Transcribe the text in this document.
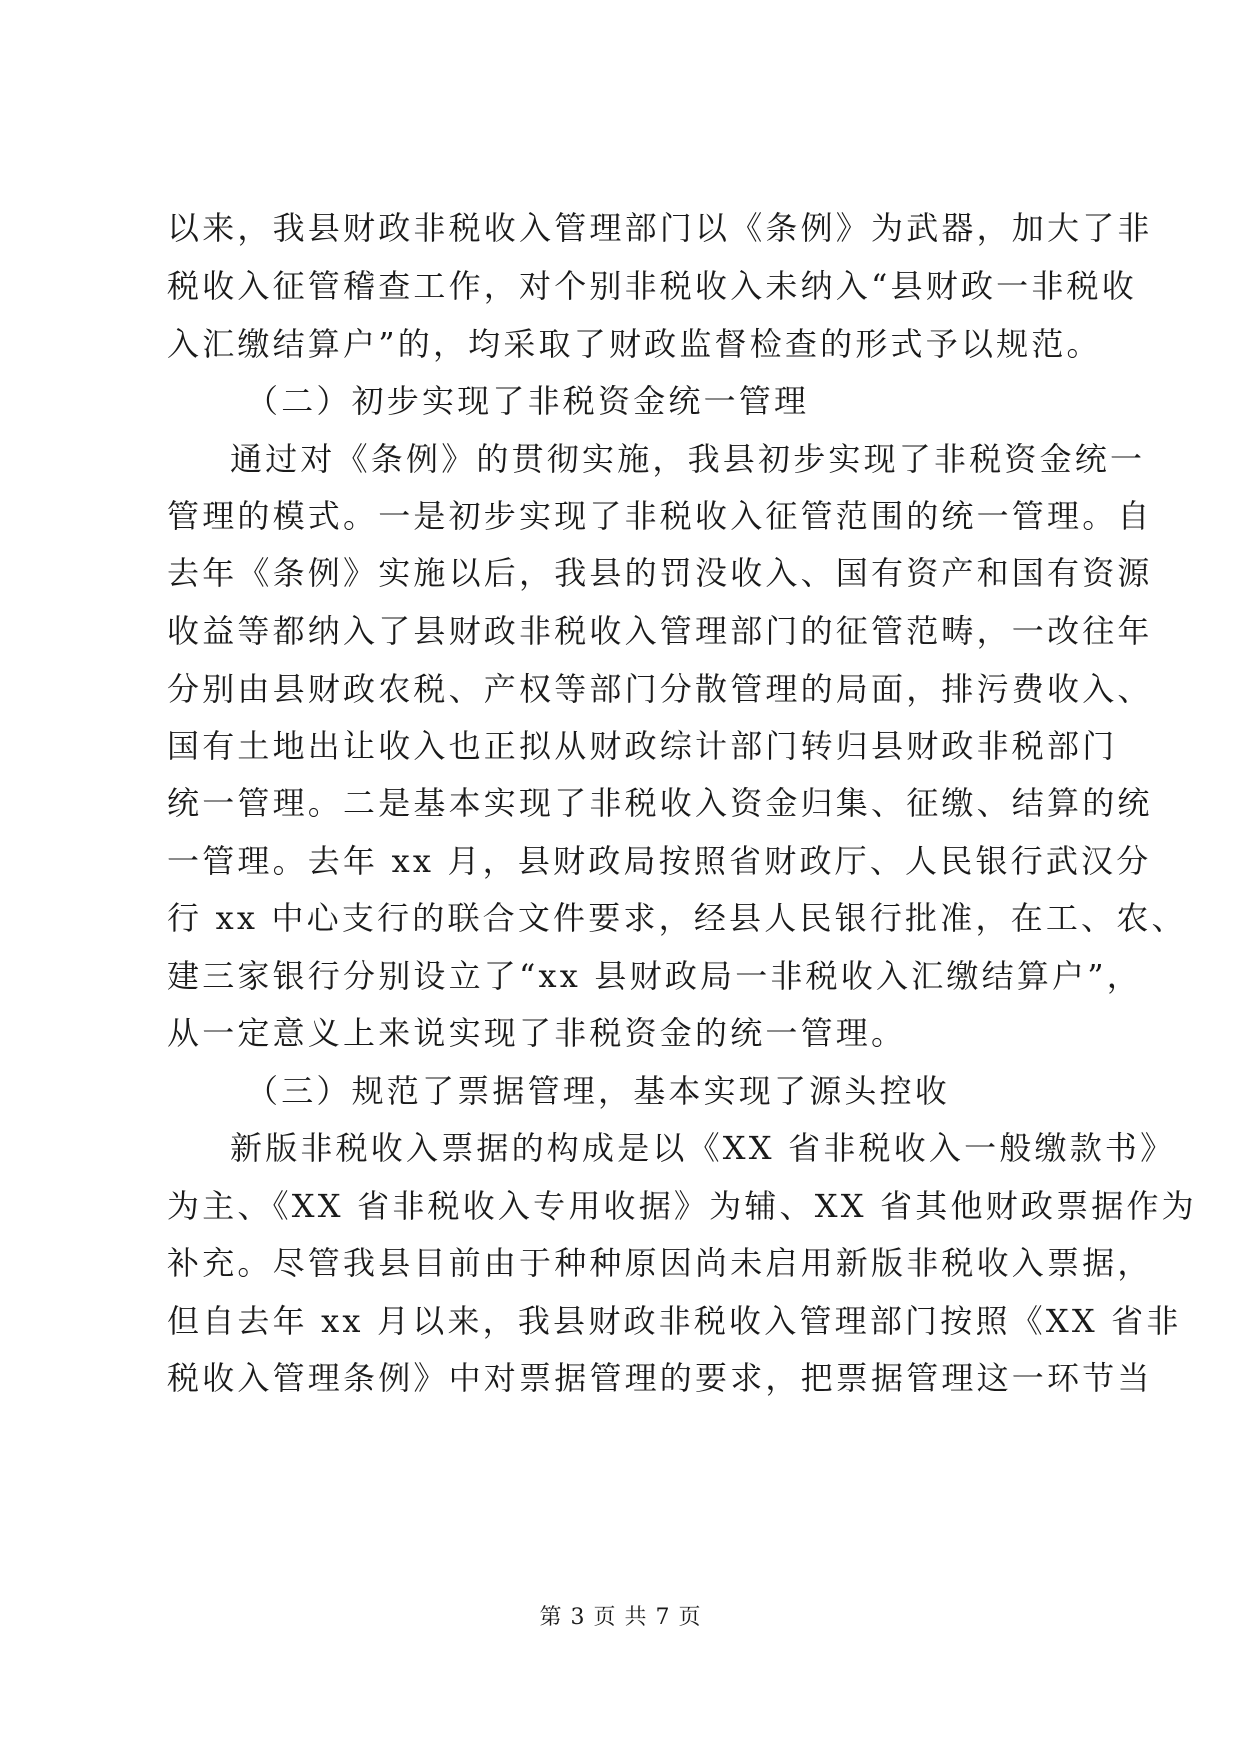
以来，我县财政非税收入管理部门以《条例》为武器，加大了非
税收入征管稽查工作，对个别非税收入未纳入“县财政一非税收
入汇缴结算户”的，均采取了财政监督检查的形式予以规范。
（二）初步实现了非税资金统一管理
通过对《条例》的贯彻实施，我县初步实现了非税资金统一
管理的模式。一是初步实现了非税收入征管范围的统一管理。自
去年《条例》实施以后，我县的罚没收入、国有资产和国有资源
收益等都纳入了县财政非税收入管理部门的征管范畴，一改往年
分别由县财政农税、产权等部门分散管理的局面，排污费收入、
国有土地出让收入也正拟从财政综计部门转归县财政非税部门
统一管理。二是基本实现了非税收入资金归集、征缴、结算的统
一管理。去年 xx 月，县财政局按照省财政厅、人民银行武汉分
行 xx 中心支行的联合文件要求，经县人民银行批准，在工、农、
建三家银行分别设立了“xx 县财政局一非税收入汇缴结算户”，
从一定意义上来说实现了非税资金的统一管理。
（三）规范了票据管理，基本实现了源头控收
新版非税收入票据的构成是以《XX 省非税收入一般缴款书》
为主、《XX 省非税收入专用收据》为辅、XX 省其他财政票据作为
补充。尽管我县目前由于种种原因尚未启用新版非税收入票据，
但自去年 xx 月以来，我县财政非税收入管理部门按照《XX 省非
税收入管理条例》中对票据管理的要求，把票据管理这一环节当
第 3 页 共 7 页
